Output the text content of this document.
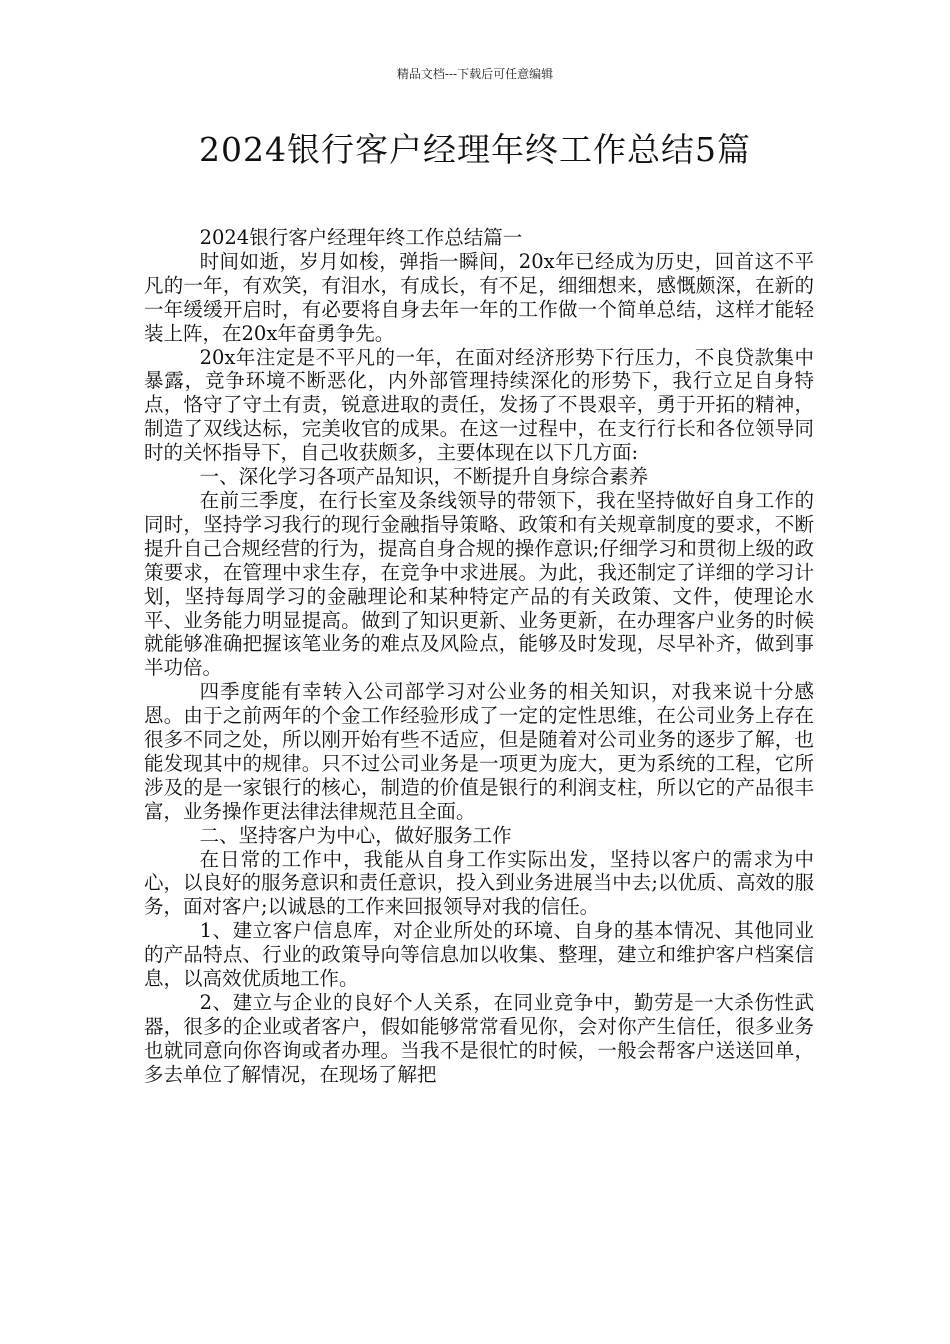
精品文档---下载后可任意编辑
2024银行客户经理年终工作总结5篇

2024银行客户经理年终工作总结篇一

时间如逝，岁月如梭，弹指一瞬间，20x年已经成为历史，回首这不平凡的一年，有欢笑，有泪水，有成长，有不足，细细想来，感慨颇深，在新的一年缓缓开启时，有必要将自身去年一年的工作做一个简单总结，这样才能轻装上阵，在20x年奋勇争先。

20x年注定是不平凡的一年，在面对经济形势下行压力，不良贷款集中暴露，竞争环境不断恶化，内外部管理持续深化的形势下，我行立足自身特点，恪守了守土有责，锐意进取的责任，发扬了不畏艰辛，勇于开拓的精神，制造了双线达标，完美收官的成果。在这一过程中，在支行行长和各位领导同时的关怀指导下，自己收获颇多，主要体现在以下几方面:

一、深化学习各项产品知识，不断提升自身综合素养

在前三季度，在行长室及条线领导的带领下，我在坚持做好自身工作的同时，坚持学习我行的现行金融指导策略、政策和有关规章制度的要求，不断提升自己合规经营的行为，提高自身合规的操作意识;仔细学习和贯彻上级的政策要求，在管理中求生存，在竞争中求进展。为此，我还制定了详细的学习计划，坚持每周学习的金融理论和某种特定产品的有关政策、文件，使理论水平、业务能力明显提高。做到了知识更新、业务更新，在办理客户业务的时候就能够准确把握该笔业务的难点及风险点，能够及时发现，尽早补齐，做到事半功倍。

四季度能有幸转入公司部学习对公业务的相关知识，对我来说十分感恩。由于之前两年的个金工作经验形成了一定的定性思维，在公司业务上存在很多不同之处，所以刚开始有些不适应，但是随着对公司业务的逐步了解，也能发现其中的规律。只不过公司业务是一项更为庞大，更为系统的工程，它所涉及的是一家银行的核心，制造的价值是银行的利润支柱，所以它的产品很丰富，业务操作更法律法律规范且全面。

二、坚持客户为中心，做好服务工作

在日常的工作中，我能从自身工作实际出发，坚持以客户的需求为中心，以良好的服务意识和责任意识，投入到业务进展当中去;以优质、高效的服务，面对客户;以诚恳的工作来回报领导对我的信任。

1、建立客户信息库，对企业所处的环境、自身的基本情况、其他同业的产品特点、行业的政策导向等信息加以收集、整理，建立和维护客户档案信息，以高效优质地工作。

2、建立与企业的良好个人关系，在同业竞争中，勤劳是一大杀伤性武器，很多的企业或者客户，假如能够常常看见你，会对你产生信任，很多业务也就同意向你咨询或者办理。当我不是很忙的时候，一般会帮客户送送回单，多去单位了解情况，在现场了解把
